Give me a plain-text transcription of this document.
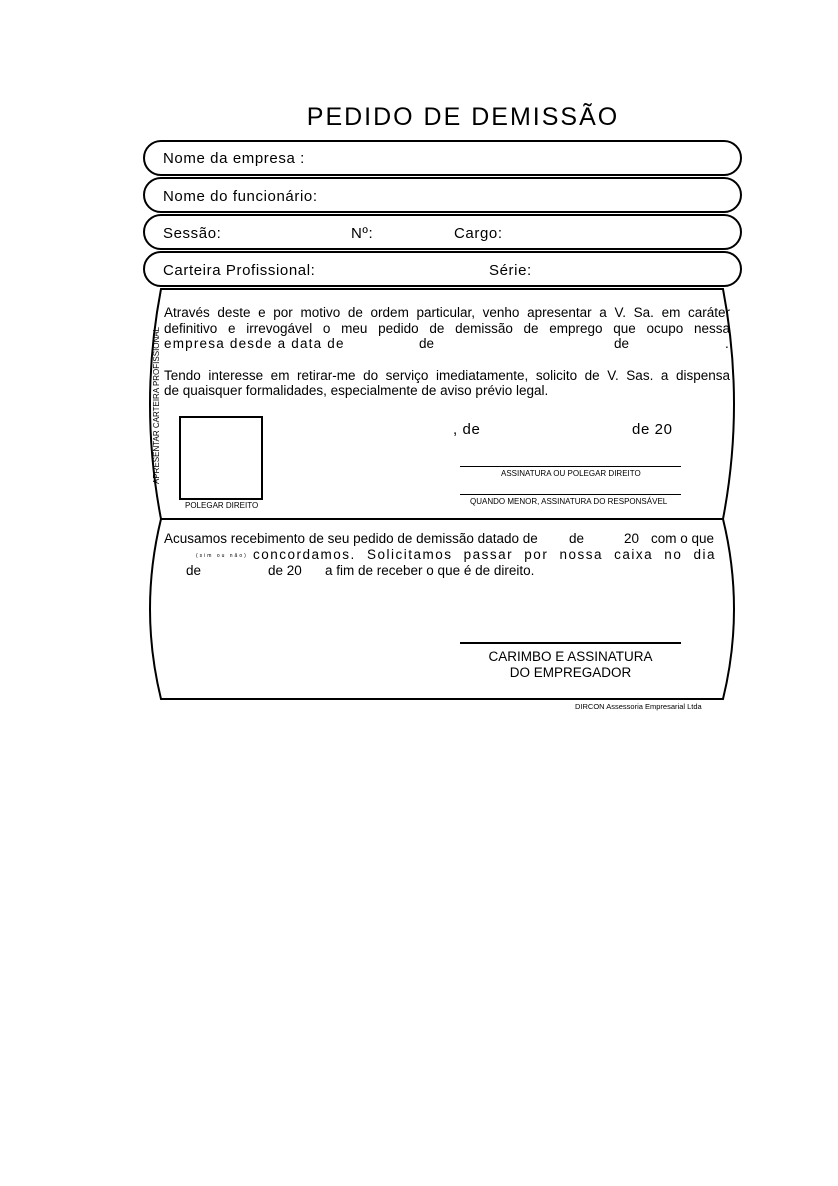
PEDIDO DE DEMISSÃO
Nome da empresa :
Nome do funcionário:
Sessão:	Nº:	Cargo:
Carteira Profissional:	Série:
APRESENTAR CARTEIRA PROFISSIONAL
Através deste e por motivo de ordem particular, venho apresentar a V. Sa. em caráter
definitivo e irrevogável o meu pedido de demissão de emprego que ocupo nessa
empresa desde a data de	de	de	.
Tendo interesse em retirar-me do serviço imediatamente, solicito de V. Sas. a dispensa
de quaisquer formalidades, especialmente de aviso prévio legal.
POLEGAR DIREITO
, de	de 20
ASSINATURA OU POLEGAR DIREITO
QUANDO MENOR, ASSINATURA DO RESPONSÁVEL
Acusamos recebimento de seu pedido de demissão datado de de	20 com o que
(sim ou não) concordamos. Solicitamos passar por nossa caixa no dia
de	de 20 a fim de receber o que é de direito.
CARIMBO E ASSINATURA
DO EMPREGADOR
DIRCON Assessoria Empresarial Ltda
